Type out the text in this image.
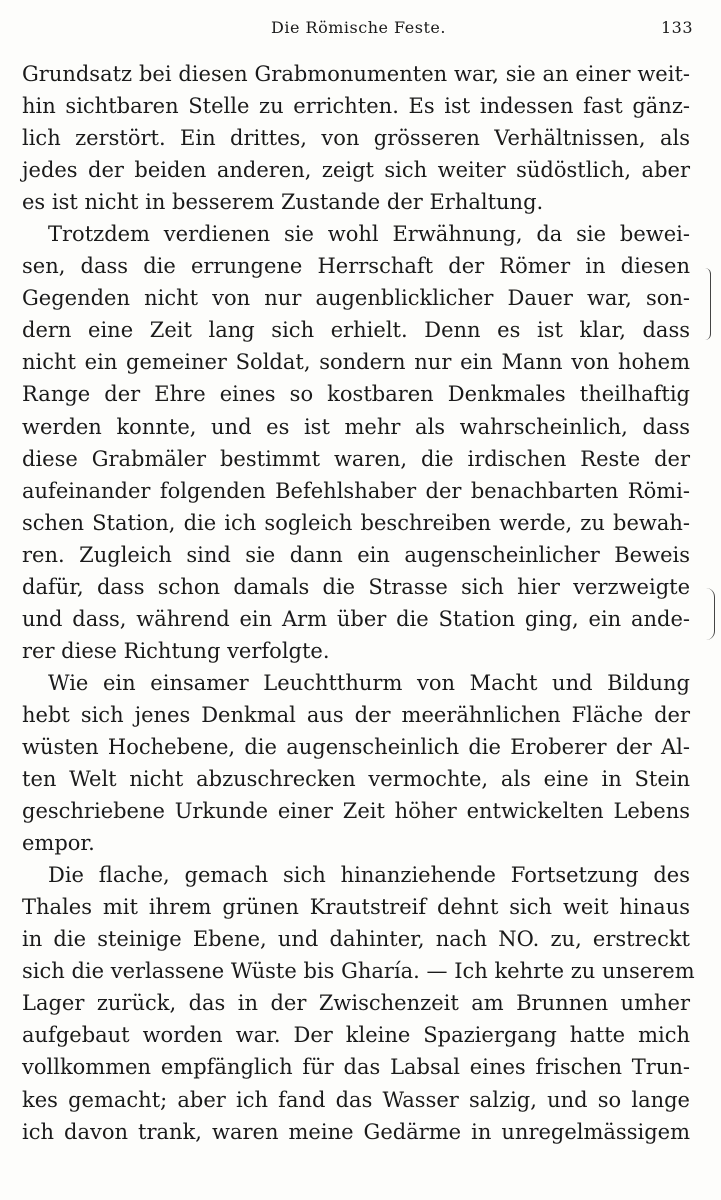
Die Römische Feste.	133
Grundsatz bei diesen Grabmonumenten war, sie an einer weit-
hin sichtbaren Stelle zu errichten. Es ist indessen fast gänz-
lich zerstört. Ein drittes, von grösseren Verhältnissen, als
jedes der beiden anderen, zeigt sich weiter südöstlich, aber
es ist nicht in besserem Zustande der Erhaltung.
Trotzdem verdienen sie wohl Erwähnung, da sie bewei-
sen, dass die errungene Herrschaft der Römer in diesen
Gegenden nicht von nur augenblicklicher Dauer war, son-
dern eine Zeit lang sich erhielt. Denn es ist klar, dass
nicht ein gemeiner Soldat, sondern nur ein Mann von hohem
Range der Ehre eines so kostbaren Denkmales theilhaftig
werden konnte, und es ist mehr als wahrscheinlich, dass
diese Grabmäler bestimmt waren, die irdischen Reste der
aufeinander folgenden Befehlshaber der benachbarten Römi-
schen Station, die ich sogleich beschreiben werde, zu bewah-
ren. Zugleich sind sie dann ein augenscheinlicher Beweis
dafür, dass schon damals die Strasse sich hier verzweigte
und dass, während ein Arm über die Station ging, ein ande-
rer diese Richtung verfolgte.
Wie ein einsamer Leuchtthurm von Macht und Bildung
hebt sich jenes Denkmal aus der meerähnlichen Fläche der
wüsten Hochebene, die augenscheinlich die Eroberer der Al-
ten Welt nicht abzuschrecken vermochte, als eine in Stein
geschriebene Urkunde einer Zeit höher entwickelten Lebens
empor.
Die flache, gemach sich hinanziehende Fortsetzung des
Thales mit ihrem grünen Krautstreif dehnt sich weit hinaus
in die steinige Ebene, und dahinter, nach NO. zu, erstreckt
sich die verlassene Wüste bis Gharía. — Ich kehrte zu unserem
Lager zurück, das in der Zwischenzeit am Brunnen umher
aufgebaut worden war. Der kleine Spaziergang hatte mich
vollkommen empfänglich für das Labsal eines frischen Trun-
kes gemacht; aber ich fand das Wasser salzig, und so lange
ich davon trank, waren meine Gedärme in unregelmässigem
